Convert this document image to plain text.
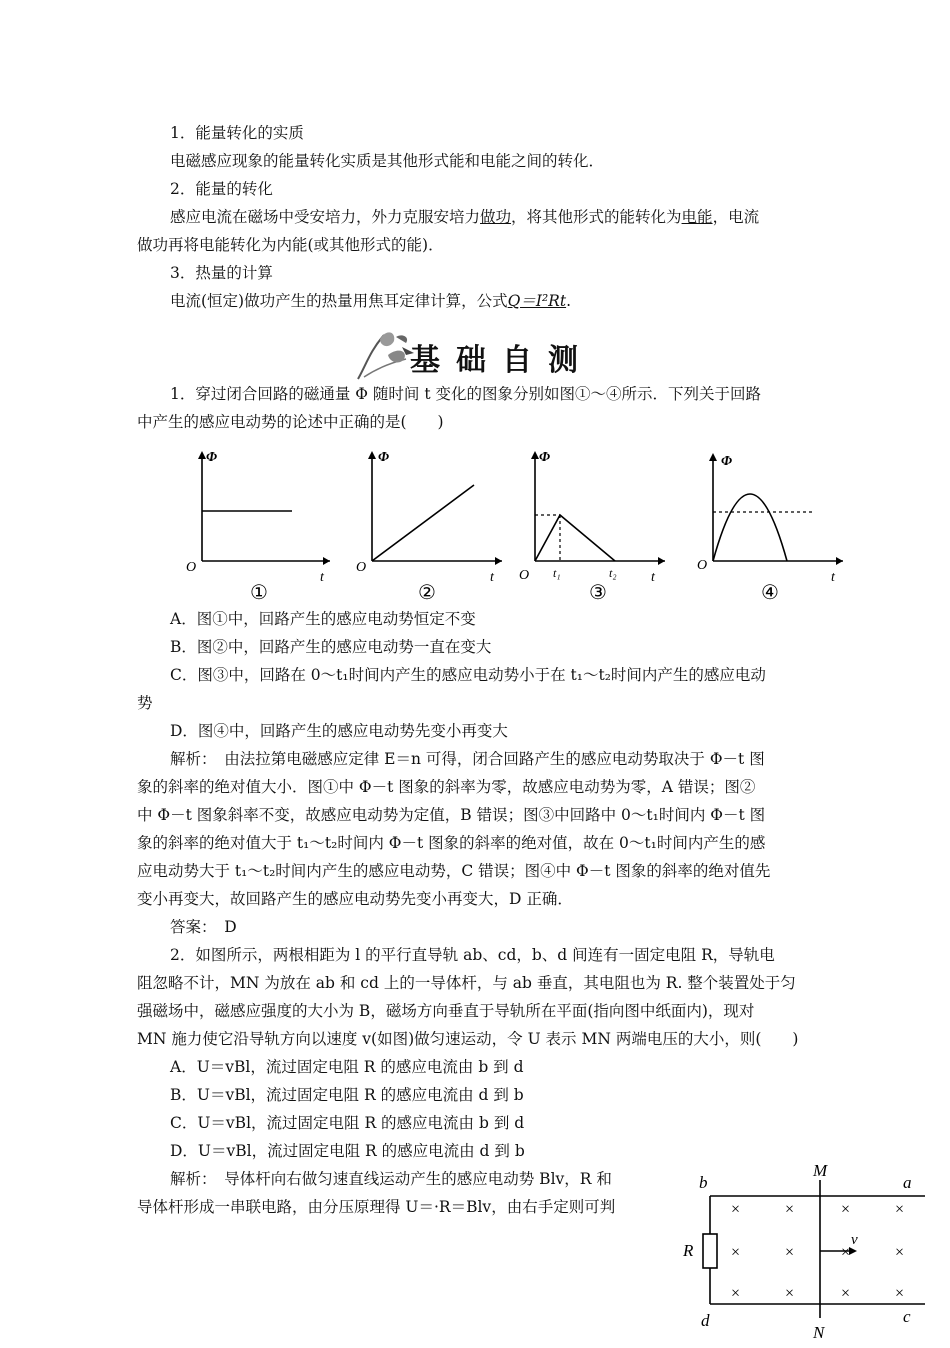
1．能量转化的实质
电磁感应现象的能量转化实质是其他形式能和电能之间的转化．
2．能量的转化
感应电流在磁场中受安培力，外力克服安培力做功，将其他形式的能转化为电能，电流
做功再将电能转化为内能(或其他形式的能)．
3．热量的计算
电流(恒定)做功产生的热量用焦耳定律计算，公式Q＝I²Rt.
基础自测
1．穿过闭合回路的磁通量 Φ 随时间 t 变化的图象分别如图①～④所示．下列关于回路
中产生的感应电动势的论述中正确的是(　　)
Φ
t
O
①
Φ
t
O
②
Φ
t
O t₁	t₂
③
Φ
t
O
④
A．图①中，回路产生的感应电动势恒定不变
B．图②中，回路产生的感应电动势一直在变大
C．图③中，回路在 0～t₁时间内产生的感应电动势小于在 t₁～t₂时间内产生的感应电动
势
D．图④中，回路产生的感应电动势先变小再变大
解析：　由法拉第电磁感应定律 E＝n 可得，闭合回路产生的感应电动势取决于 Φ－t 图
象的斜率的绝对值大小．图①中 Φ－t 图象的斜率为零，故感应电动势为零，A 错误；图②
中 Φ－t 图象斜率不变，故感应电动势为定值，B 错误；图③中回路中 0～t₁时间内 Φ－t 图
象的斜率的绝对值大于 t₁～t₂时间内 Φ－t 图象的斜率的绝对值，故在 0～t₁时间内产生的感
应电动势大于 t₁～t₂时间内产生的感应电动势，C 错误；图④中 Φ－t 图象的斜率的绝对值先
变小再变大，故回路产生的感应电动势先变小再变大，D 正确．
答案：　D
2．如图所示，两根相距为 l 的平行直导轨 ab、cd，b、d 间连有一固定电阻 R，导轨电
阻忽略不计，MN 为放在 ab 和 cd 上的一导体杆，与 ab 垂直，其电阻也为 R. 整个装置处于匀
强磁场中，磁感应强度的大小为 B，磁场方向垂直于导轨所在平面(指向图中纸面内)，现对
MN 施力使它沿导轨方向以速度 v(如图)做匀速运动，令 U 表示 MN 两端电压的大小，则(　　)
A．U＝vBl，流过固定电阻 R 的感应电流由 b 到 d
B．U＝vBl，流过固定电阻 R 的感应电流由 d 到 b
C．U＝vBl，流过固定电阻 R 的感应电流由 b 到 d
D．U＝vBl，流过固定电阻 R 的感应电流由 d 到 b
解析：　导体杆向右做匀速直线运动产生的感应电动势 Blv，R 和
导体杆形成一串联电路，由分压原理得 U＝·R＝Blv，由右手定则可判	×	×	×	×
×	×	×	×
×	×	×	×
M
N
b	a
c
d
R
v
